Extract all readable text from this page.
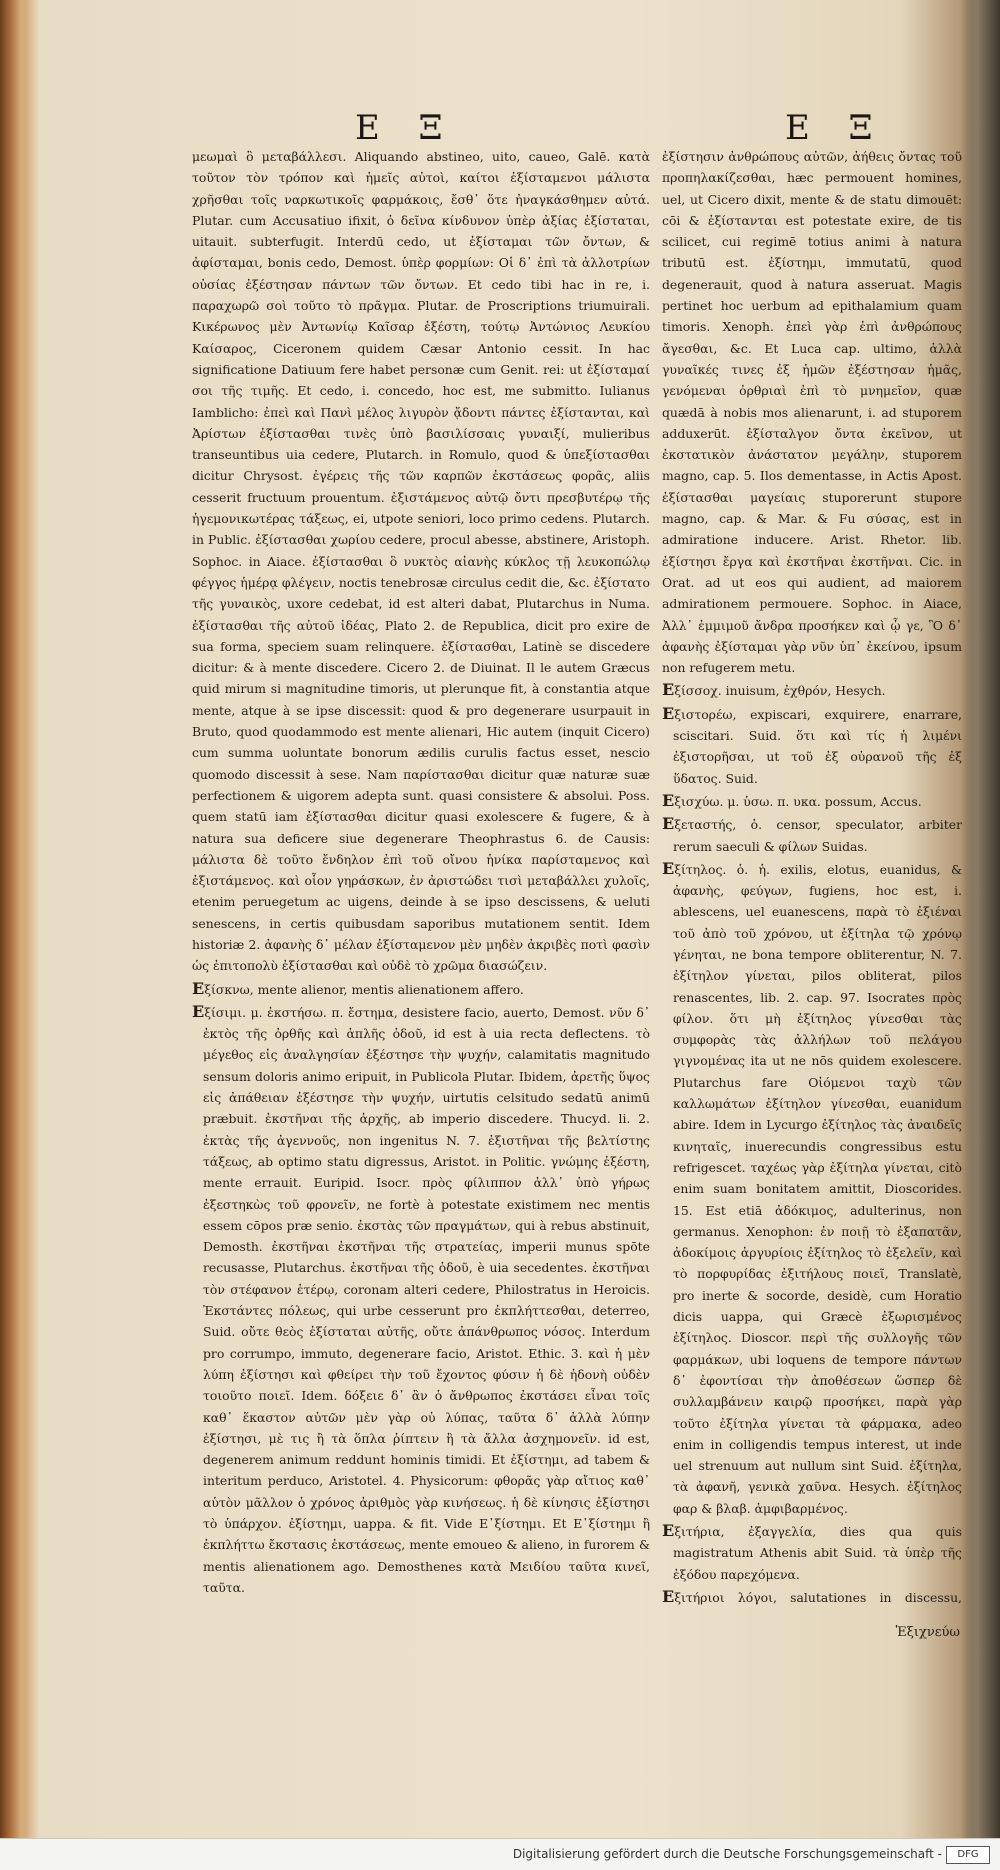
E Ξ	E Ξ

μεωμαὶ ὃ μεταβάλλεσι. Aliquando abstineo, uito, caueo, Galē. κατὰ τοῦτον τὸν τρόπον καὶ ἡμεῖς αὐτοὶ, καίτοι ἐξίσταμενοι μάλιστα χρῆσθαι τοῖς ναρκωτικοῖς φαρμάκοις, ἔσθ᾽ ὅτε ἠναγκάσθημεν αὐτά. Plutar. cum Accusatiuo ifixit, ὁ δεῖνα κίνδυνον ὑπὲρ ἀξίας ἐξίσταται, uitauit. subterfugit. Interdū cedo, ut ἐξίσταμαι τῶν ὄντων, & ἀφίσταμαι, bonis cedo, Demost. ὑπὲρ φορμίων: Οἱ δ᾽ ἐπὶ τὰ ἀλλοτρίων οὐσίας ἐξέστησαν πάντων τῶν ὄντων. Et cedo tibi hac in re, i. παραχωρῶ σοὶ τοῦτο τὸ πρᾶγμα. Plutar. de Proscriptions triumuirali. Κικέρωνος μὲν Ἀντωνίῳ Καῖσαρ ἐξέστη, τούτῳ Ἀντώνιος Λευκίου Καίσαρος, Ciceronem quidem Cæsar Antonio cessit. In hac significatione Datiuum fere habet personæ cum Genit. rei: ut ἐξίσταμαί σοι τῆς τιμῆς. Et cedo, i. concedo, hoc est, me submitto. Iulianus Iamblicho: ἐπεὶ καὶ Πανὶ μέλος λιγυρὸν ᾄδοντι πάντες ἐξίστανται, καὶ Ἀρίστων ἐξίστασθαι τινὲς ὑπὸ βασιλίσσαις γυναιξί, mulieribus transeuntibus uia cedere, Plutarch. in Romulo, quod & ὑπεξίστασθαι dicitur Chrysost. ἐγέρεις τῆς τῶν καρπῶν ἐκστάσεως φορᾶς, aliis cesserit fructuum prouentum. ἐξιστάμενος αὐτῷ ὄντι πρεσβυτέρῳ τῆς ἡγεμονικωτέρας τάξεως, ei, utpote seniori, loco primo cedens. Plutarch. in Public. ἐξίστασθαι χωρίου cedere, procul abesse, abstinere, Aristoph. Sophoc. in Aiace. ἐξίστασθαι ὃ νυκτὸς αἰανὴς κύκλος τῇ λευκοπώλῳ φέγγος ἡμέρᾳ φλέγειν, noctis tenebrosæ circulus cedit die, &c. ἐξίστατο τῆς γυναικὸς, uxore cedebat, id est alteri dabat, Plutarchus in Numa. ἐξίστασθαι τῆς αὐτοῦ ἰδέας, Plato 2. de Republica, dicit pro exire de sua forma, speciem suam relinquere. ἐξίστασθαι, Latinè se discedere dicitur: & à mente discedere. Cicero 2. de Diuinat. Il le autem Græcus quid mirum si magnitudine timoris, ut plerunque fit, à constantia atque mente, atque à se ipse discessit: quod & pro degenerare usurpauit in Bruto, quod quodammodo est mente alienari, Hic autem (inquit Cicero) cum summa uoluntate bonorum ædilis curulis factus esset, nescio quomodo discessit à sese. Nam παρίστασθαι dicitur quæ naturæ suæ perfectionem & uigorem adepta sunt. quasi consistere & absolui. Poss. quem statū iam ἐξίστασθαι dicitur quasi exolescere & fugere, & à natura sua deficere siue degenerare Theophrastus 6. de Causis: μάλιστα δὲ τοῦτο ἔνδηλον ἐπὶ τοῦ οἴνου ἡνίκα παρίσταμενος καὶ ἐξιστάμενος. καὶ οἷον γηράσκων, ἐν ἀριστώδει τισὶ μεταβάλλει χυλοῖς, etenim peruegetum ac uigens, deinde à se ipso descissens, & ueluti senescens, in certis quibusdam saporibus mutationem sentit. Idem historiæ 2. ἀφανὴς δ᾽ μέλαν ἐξίσταμενον μὲν μηδὲν ἀκριβὲς ποτὶ φασὶν ὡς ἐπιτοπολὺ ἐξίστασθαι καὶ οὐδὲ τὸ χρῶμα διασώζειν.

Eξίσκνω, mente alienor, mentis alienationem affero.

Eξίσιμι. μ. ἐκστήσω. π. ἔστημα, desistere facio, auerto, Demost. νῦν δ᾽ ἐκτὸς τῆς ὀρθῆς καὶ ἁπλῆς ὁδοῦ, id est à uia recta deflectens. τὸ μέγεθος εἰς ἀναλγησίαν ἐξέστησε τὴν ψυχήν, calamitatis magnitudo sensum doloris animo eripuit, in Publicola Plutar. Ibidem, ἀρετῆς ὕψος εἰς ἀπάθειαν ἐξέστησε τὴν ψυχήν, uirtutis celsitudo sedatū animū præbuit. ἐκστῆναι τῆς ἀρχῆς, ab imperio discedere. Thucyd. li. 2. ἐκτὰς τῆς ἀγεννοῦς, non ingenitus N. 7. ἐξιστῆναι τῆς βελτίστης τάξεως, ab optimo statu digressus, Aristot. in Politic. γνώμης ἐξέστη, mente errauit. Euripid. Isocr. πρὸς φίλιππον ἀλλ᾽ ὑπὸ γήρως ἐξεστηκὼς τοῦ φρονεῖν, ne fortè à potestate existimem nec mentis essem cōpos præ senio. ἐκστὰς τῶν πραγμάτων, qui à rebus abstinuit, Demosth. ἐκστῆναι ἐκστῆναι τῆς στρατείας, imperii munus spōte recusasse, Plutarchus. ἐκστῆναι τῆς ὁδοῦ, è uia secedentes. ἐκστῆναι τὸν στέφανον ἑτέρῳ, coronam alteri cedere, Philostratus in Heroicis. Ἐκστάντες πόλεως, qui urbe cesserunt pro ἐκπλήττεσθαι, deterreo, Suid. οὔτε θεὸς ἐξίσταται αὐτῆς, οὔτε ἀπάνθρωπος νόσος. Interdum pro corrumpo, immuto, degenerare facio, Aristot. Ethic. 3. καὶ ἡ μὲν λύπη ἐξίστησι καὶ φθείρει τὴν τοῦ ἔχοντος φύσιν ἡ δὲ ἡδονὴ οὐδὲν τοιοῦτο ποιεῖ. Idem. δόξειε δ᾽ ἂν ὁ ἄνθρωπος ἐκστάσει εἶναι τοῖς καθ᾽ ἕκαστον αὐτῶν μὲν γὰρ οὐ λύπας, ταῦτα δ᾽ ἀλλὰ λύπην ἐξίστησι, μὲ τις ἢ τὰ ὅπλα ῥίπτειν ἢ τὰ ἄλλα ἀσχημονεῖν. id est, degenerem animum reddunt hominis timidi. Et ἐξίστημι, ad tabem & interitum perduco, Aristotel. 4. Physicorum: φθορᾶς γὰρ αἴτιος καθ᾽ αὑτὸν μᾶλλον ὁ χρόνος ἀριθμὸς γὰρ κινήσεως. ἡ δὲ κίνησις ἐξίστησι τὸ ὑπάρχον. ἐξίστημι, uappa. & fit. Vide Ε᾽ξίστημι. Et Ε᾽ξίστημι ἢ ἐκπλήττω ἔκστασις ἐκστάσεως, mente emoueo & alieno, in furorem & mentis alienationem ago. Demosthenes κατὰ Μειδίου ταῦτα κινεῖ, ταῦτα.

ἐξίστησιν ἀνθρώπους αὐτῶν, ἀήθεις ὄντας τοῦ προπηλακίζεσθαι, hæc permouent homines, uel, ut Cicero dixit, mente & de statu dimouēt: cōi & ἐξίστανται est potestate exire, de tis scilicet, cui regimē totius animi à natura tributū est. ἐξίστημι, immutatū, quod degenerauit, quod à natura asseruat. Magis pertinet hoc uerbum ad epithalamium quam timoris. Xenoph. ἐπεὶ γὰρ ἐπὶ ἀνθρώπους ἄγεσθαι, &c. Et Luca cap. ultimo, ἀλλὰ γυναῖκές τινες ἐξ ἡμῶν ἐξέστησαν ἡμᾶς, γενόμεναι ὀρθριαὶ ἐπὶ τὸ μνημεῖον, quæ quædā à nobis mos alienarunt, i. ad stuporem adduxerūt. ἐξίσταλγον ὄντα ἐκεῖνον, ut ἐκστατικὸν ἀνάστατον μεγάλην, stuporem magno, cap. 5. Ilos dementasse, in Actis Apost. ἐξίστασθαι μαγείαις stuporerunt stupore magno, cap. & Mar. & Fu σύσας, est in admiratione inducere. Arist. Rhetor. lib. ἐξίστησι ἔργα καὶ ἐκστῆναι ἐκστῆναι. Cic. in Orat. ad ut eos qui audient, ad maiorem admirationem permouere. Sophoc. in Aiace, Ἀλλ᾽ ἐμμιμοῦ ἄνδρα προσήκεν καὶ ᾧ γε, Ὃ δ᾽ ἀφανὴς ἐξίσταμαι γὰρ νῦν ὑπ᾽ ἐκείνου, ipsum non refugerem metu.

Eξίσσοχ. inuisum, ἐχθρόν, Hesych.

Eξιστορέω, expiscari, exquirere, enarrare, sciscitari. Suid. ὅτι καὶ τίς ἡ λιμένι ἐξιστορῆσαι, ut τοῦ ἐξ οὐρανοῦ τῆς ἐξ ὕδατος. Suid.

Eξισχύω. μ. ὑσω. π. υκα. possum, Accus.

Eξεταστής, ὁ. censor, speculator, arbiter rerum saeculi & φίλων Suidas.

Eξίτηλος. ὁ. ἡ. exilis, elotus, euanidus, & ἀφανὴς, φεύγων, fugiens, hoc est, i. ablescens, uel euanescens, παρὰ τὸ ἐξιέναι τοῦ ἀπὸ τοῦ χρόνου, ut ἐξίτηλα τῷ χρόνῳ γένηται, ne bona tempore obliterentur, N. 7. ἐξίτηλον γίνεται, pilos obliterat, pilos renascentes, lib. 2. cap. 97. Isocrates πρὸς φίλον. ὅτι μὴ ἐξίτηλος γίνεσθαι τὰς συμφορὰς τὰς ἀλλήλων τοῦ πελάγου γιγνομένας ita ut ne nōs quidem exolescere. Plutarchus fare Οἰόμενοι ταχὺ τῶν καλλωμάτων ἐξίτηλον γίνεσθαι, euanidum abire. Idem in Lycurgo ἐξίτηλος τὰς ἀναιδεῖς κινηταῖς, inuerecundis congressibus estu refrigescet. ταχέως γὰρ ἐξίτηλα γίνεται, citò enim suam bonitatem amittit, Dioscorides. 15. Est etiā ἀδόκιμος, adulterinus, non germanus. Xenophon: ἐν ποιῇ τὸ ἐξαπατᾶν, ἀδοκίμοις ἀργυρίοις ἐξίτηλος τὸ ἐξελεῖν, καὶ τὸ πορφυρίδας ἐξιτήλους ποιεῖ, Translatè, pro inerte & socorde, desidè, cum Horatio dicis uappa, qui Græcè ἐξωρισμένος ἐξίτηλος. Dioscor. περὶ τῆς συλλογῆς τῶν φαρμάκων, ubi loquens de tempore πάντων δ᾽ ἐφοντίσαι τὴν ἀποθέσεων ὥσπερ δὲ συλλαμβάνειν καιρῷ προσήκει, παρὰ γὰρ τοῦτο ἐξίτηλα γίνεται τὰ φάρμακα, adeo enim in colligendis tempus interest, ut inde uel strenuum aut nullum sint Suid. ἐξίτηλα, τὰ ἀφανῆ, γενικὰ χαῦνα. Hesych. ἐξίτηλος φαρ & βλαβ. ἀμφιβαρμένος.

Eξιτήρια, ἐξαγγελία, dies qua quis magistratum Athenis abit Suid. τὰ ὑπὲρ τῆς ἐξόδου παρεχόμενα.

Eξιτήριοι λόγοι, salutationes in discessu,

Ἐξιχνεύω
Digitalisierung gefördert durch die Deutsche Forschungsgemeinschaft -	DFG
